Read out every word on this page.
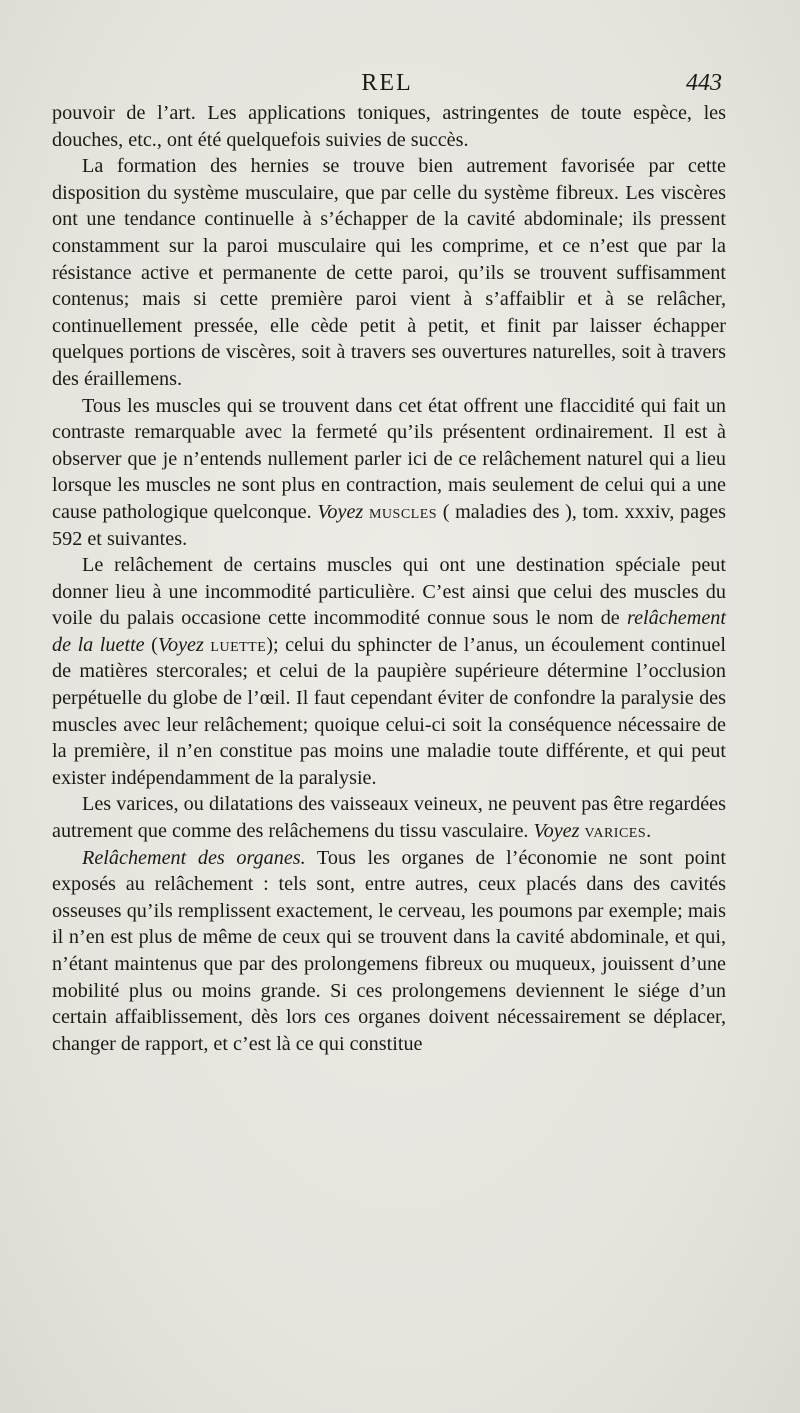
REL	443

pouvoir de l’art. Les applications toniques, astringentes de toute espèce, les douches, etc., ont été quelquefois suivies de succès.

La formation des hernies se trouve bien autrement favorisée par cette disposition du système musculaire, que par celle du système fibreux. Les viscères ont une tendance continuelle à s’échapper de la cavité abdominale; ils pressent constamment sur la paroi musculaire qui les comprime, et ce n’est que par la résistance active et permanente de cette paroi, qu’ils se trouvent suffisamment contenus; mais si cette première paroi vient à s’affaiblir et à se relâcher, continuellement pressée, elle cède petit à petit, et finit par laisser échapper quelques portions de viscères, soit à travers ses ouvertures naturelles, soit à travers des éraillemens.

Tous les muscles qui se trouvent dans cet état offrent une flaccidité qui fait un contraste remarquable avec la fermeté qu’ils présentent ordinairement. Il est à observer que je n’entends nullement parler ici de ce relâchement naturel qui a lieu lorsque les muscles ne sont plus en contraction, mais seulement de celui qui a une cause pathologique quelconque. Voyez muscles ( maladies des ), tom. xxxiv, pages 592 et suivantes.

Le relâchement de certains muscles qui ont une destination spéciale peut donner lieu à une incommodité particulière. C’est ainsi que celui des muscles du voile du palais occasione cette incommodité connue sous le nom de relâchement de la luette (Voyez luette); celui du sphincter de l’anus, un écoulement continuel de matières stercorales; et celui de la paupière supérieure détermine l’occlusion perpétuelle du globe de l’œil. Il faut cependant éviter de confondre la paralysie des muscles avec leur relâchement; quoique celui-ci soit la conséquence nécessaire de la première, il n’en constitue pas moins une maladie toute différente, et qui peut exister indépendamment de la paralysie.

Les varices, ou dilatations des vaisseaux veineux, ne peuvent pas être regardées autrement que comme des relâchemens du tissu vasculaire. Voyez varices.

Relâchement des organes. Tous les organes de l’économie ne sont point exposés au relâchement : tels sont, entre autres, ceux placés dans des cavités osseuses qu’ils remplissent exactement, le cerveau, les poumons par exemple; mais il n’en est plus de même de ceux qui se trouvent dans la cavité abdominale, et qui, n’étant maintenus que par des prolongemens fibreux ou muqueux, jouissent d’une mobilité plus ou moins grande. Si ces prolongemens deviennent le siége d’un certain affaiblissement, dès lors ces organes doivent nécessairement se déplacer, changer de rapport, et c’est là ce qui constitue
